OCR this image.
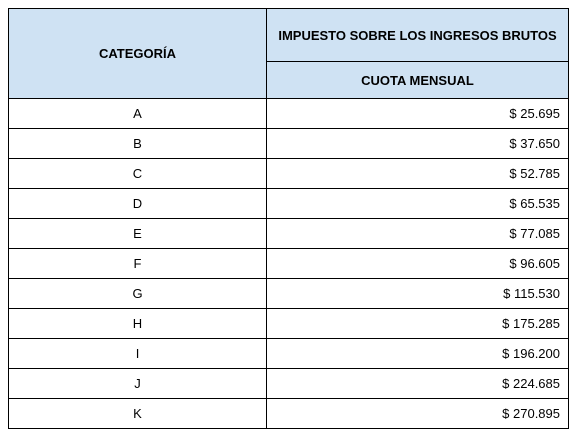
CATEGORÍA	IMPUESTO SOBRE LOS INGRESOS BRUTOS
	CUOTA MENSUAL
A	$ 25.695
B	$ 37.650
C	$ 52.785
D	$ 65.535
E	$ 77.085
F	$ 96.605
G	$ 115.530
H	$ 175.285
I	$ 196.200
J	$ 224.685
K	$ 270.895
